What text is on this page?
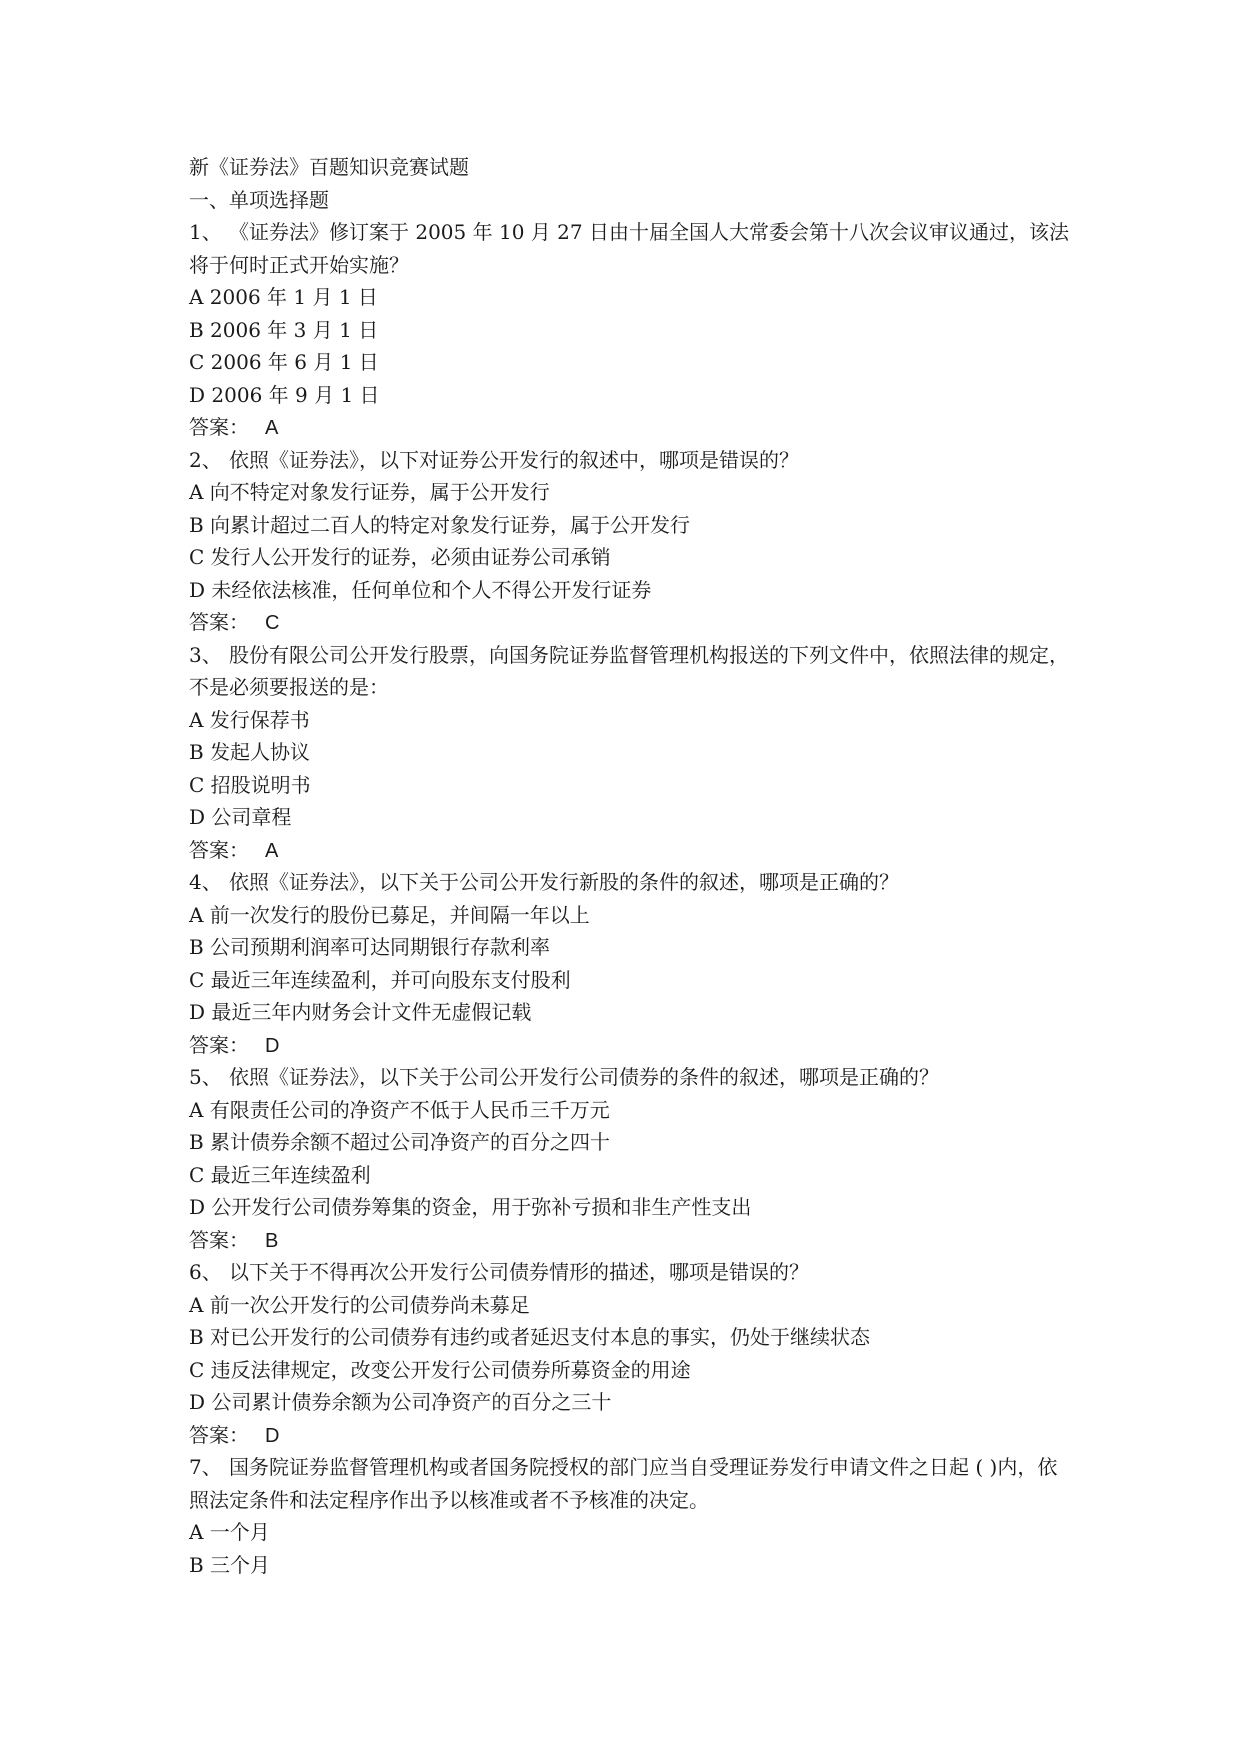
新《证券法》百题知识竞赛试题
一、单项选择题
1、 《证券法》修订案于 2005 年 10 月 27 日由十届全国人大常委会第十八次会议审议通过，该法将于何时正式开始实施？
A 2006 年 1 月 1 日
B 2006 年 3 月 1 日
C 2006 年 6 月 1 日
D 2006 年 9 月 1 日
答案： A
2、 依照《证券法》，以下对证券公开发行的叙述中，哪项是错误的？
A 向不特定对象发行证券，属于公开发行
B 向累计超过二百人的特定对象发行证券，属于公开发行
C 发行人公开发行的证券，必须由证券公司承销
D 未经依法核准，任何单位和个人不得公开发行证券
答案： C
3、 股份有限公司公开发行股票，向国务院证券监督管理机构报送的下列文件中，依照法律的规定，不是必须要报送的是：
A 发行保荐书
B 发起人协议
C 招股说明书
D 公司章程
答案： A
4、 依照《证券法》，以下关于公司公开发行新股的条件的叙述，哪项是正确的？
A 前一次发行的股份已募足，并间隔一年以上
B 公司预期利润率可达同期银行存款利率
C 最近三年连续盈利，并可向股东支付股利
D 最近三年内财务会计文件无虚假记载
答案： D
5、 依照《证券法》，以下关于公司公开发行公司债券的条件的叙述，哪项是正确的？
A 有限责任公司的净资产不低于人民币三千万元
B 累计债券余额不超过公司净资产的百分之四十
C 最近三年连续盈利
D 公开发行公司债券筹集的资金，用于弥补亏损和非生产性支出
答案： B
6、 以下关于不得再次公开发行公司债券情形的描述，哪项是错误的？
A 前一次公开发行的公司债券尚未募足
B 对已公开发行的公司债券有违约或者延迟支付本息的事实，仍处于继续状态
C 违反法律规定，改变公开发行公司债券所募资金的用途
D 公司累计债券余额为公司净资产的百分之三十
答案： D
7、 国务院证券监督管理机构或者国务院授权的部门应当自受理证券发行申请文件之日起 ( )内，依照法定条件和法定程序作出予以核准或者不予核准的决定。
A 一个月
B 三个月
